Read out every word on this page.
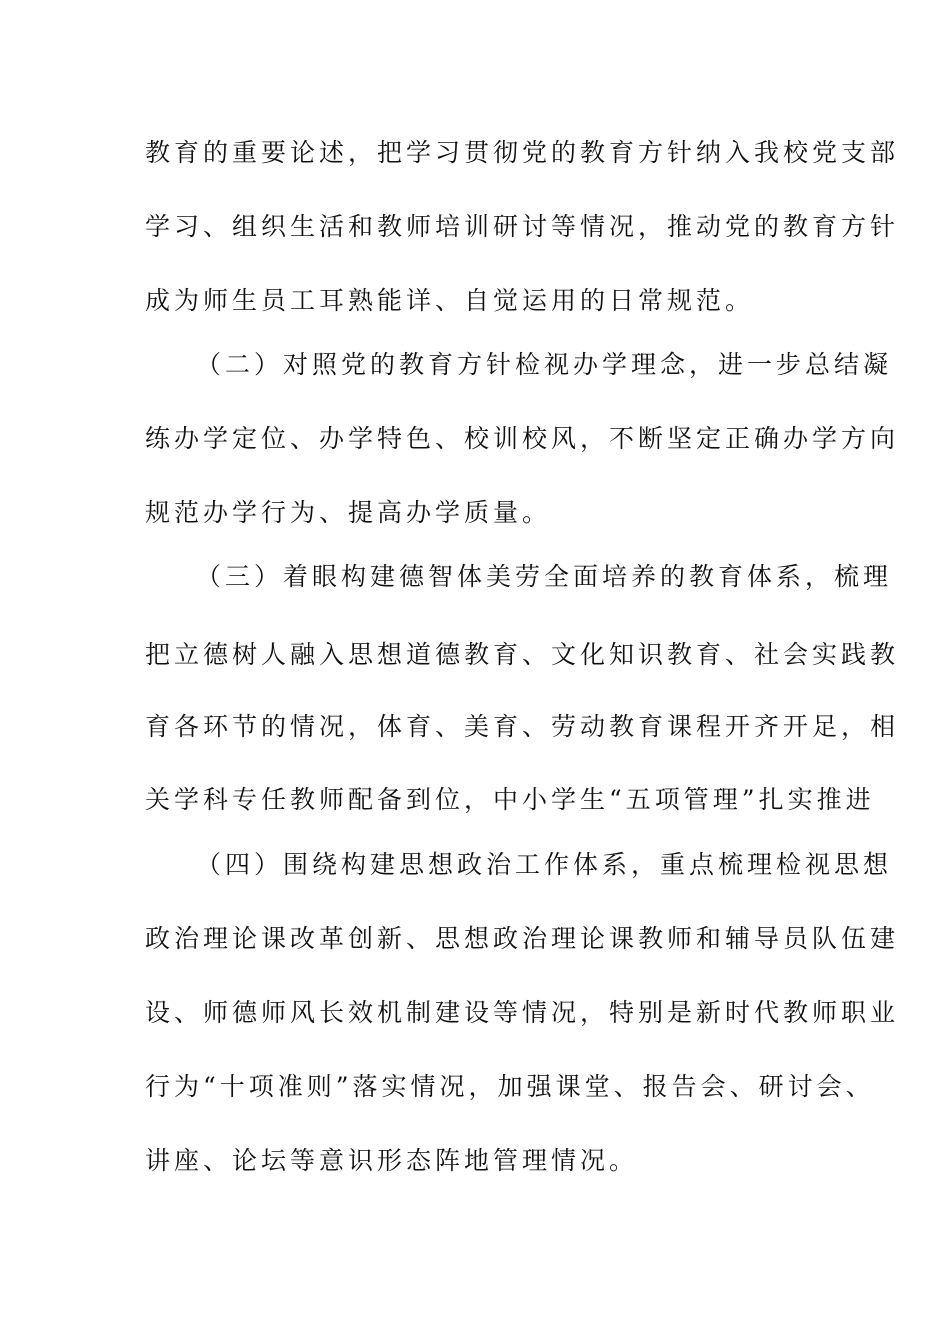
教育的重要论述，把学习贯彻党的教育方针纳入我校党支部
学习、组织生活和教师培训研讨等情况，推动党的教育方针
成为师生员工耳熟能详、自觉运用的日常规范。
（二）对照党的教育方针检视办学理念，进一步总结凝
练办学定位、办学特色、校训校风，不断坚定正确办学方向
规范办学行为、提高办学质量。
（三）着眼构建德智体美劳全面培养的教育体系，梳理
把立德树人融入思想道德教育、文化知识教育、社会实践教
育各环节的情况，体育、美育、劳动教育课程开齐开足，相
关学科专任教师配备到位，中小学生“五项管理”扎实推进
（四）围绕构建思想政治工作体系，重点梳理检视思想
政治理论课改革创新、思想政治理论课教师和辅导员队伍建
设、师德师风长效机制建设等情况，特别是新时代教师职业
行为“十项准则”落实情况，加强课堂、报告会、研讨会、
讲座、论坛等意识形态阵地管理情况。
